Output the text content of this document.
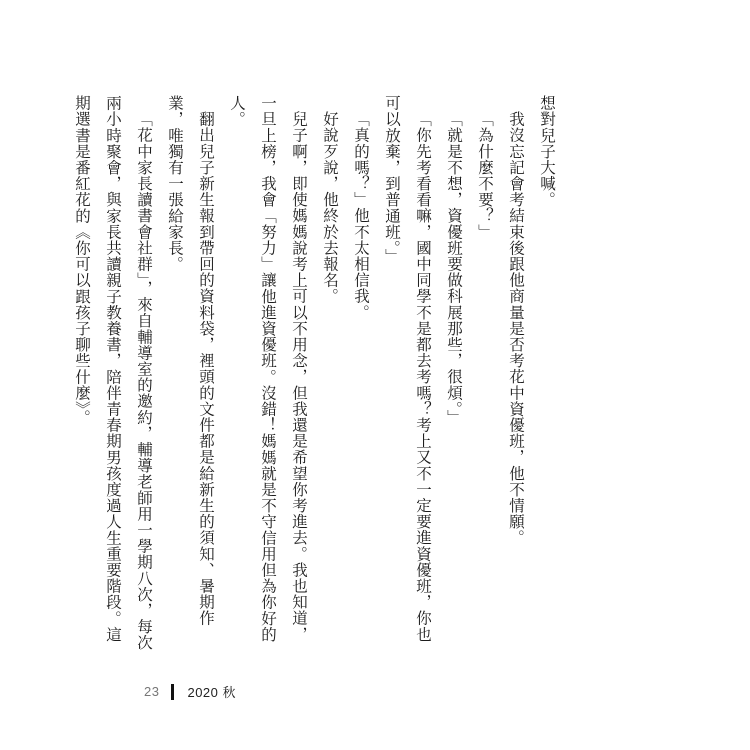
想對兒子大喊。

我沒忘記會考結束後跟他商量是否考花中資優班，他不情願。

「為什麼不要？」

「就是不想，資優班要做科展那些，很煩。」

「你先考看看嘛，國中同學不是都去考嗎？考上又不一定要進資優班，你也可以放棄，到普通班。」

「真的嗎？」他不太相信我。

好說歹說，他終於去報名。

兒子啊，即使媽媽說考上可以不用念，但我還是希望你考進去。我也知道，一旦上榜，我會「努力」讓他進資優班。沒錯！媽媽就是不守信用但為你好的人。

翻出兒子新生報到帶回的資料袋，裡頭的文件都是給新生的須知、暑期作業，唯獨有一張給家長。

「花中家長讀書會社群」，來自輔導室的邀約，輔導老師用一學期八次，每次兩小時聚會，與家長共讀親子教養書，陪伴青春期男孩度過人生重要階段。這期選書是番紅花的《你可以跟孩子聊些什麼》。

23 2020 秋
